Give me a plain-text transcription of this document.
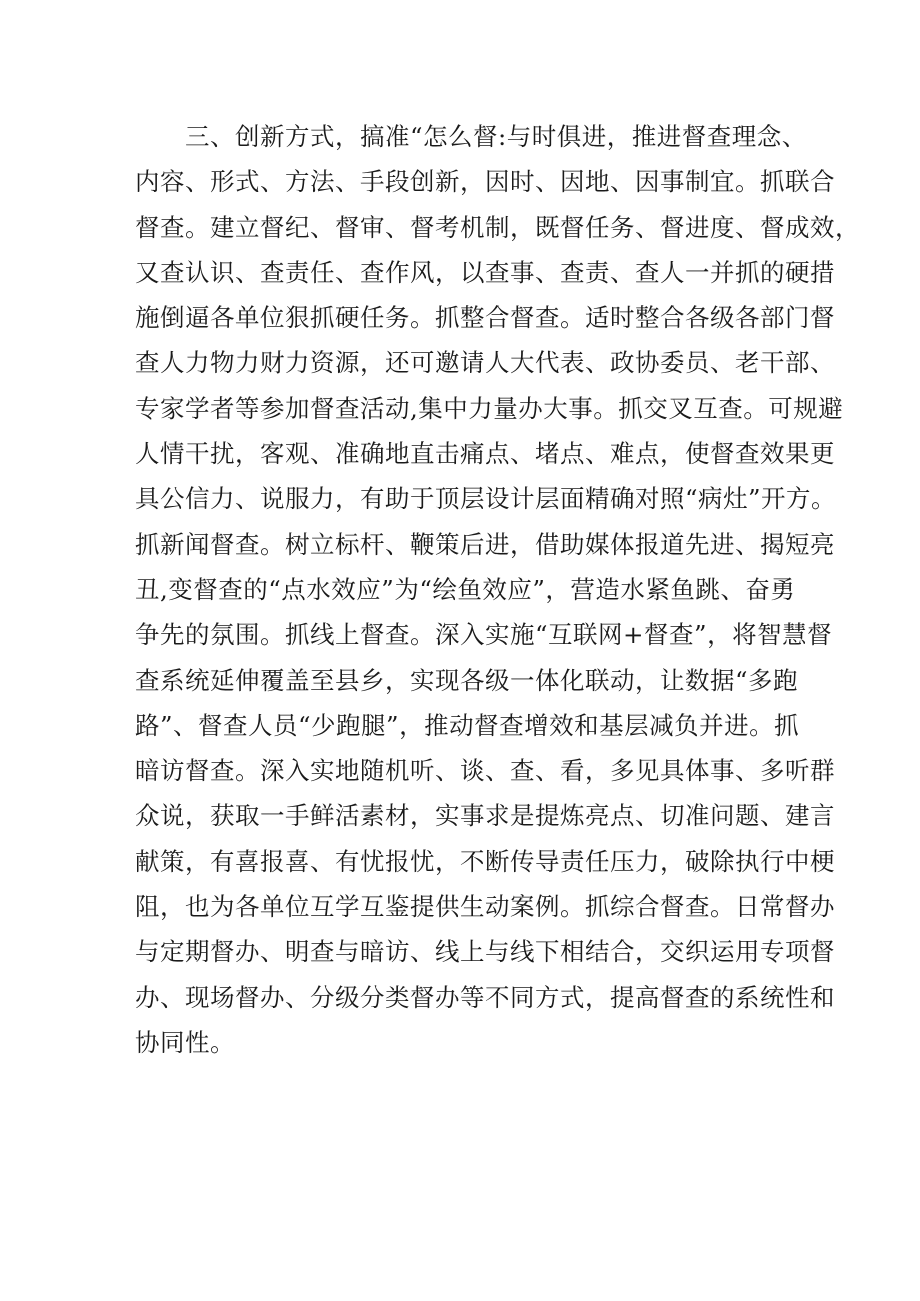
三、创新方式，搞准“怎么督:与时俱进，推进督查理念、
内容、形式、方法、手段创新，因时、因地、因事制宜。抓联合
督查。建立督纪、督审、督考机制，既督任务、督进度、督成效，
又查认识、查责任、查作风，以查事、查责、查人一并抓的硬措
施倒逼各单位狠抓硬任务。抓整合督查。适时整合各级各部门督
查人力物力财力资源，还可邀请人大代表、政协委员、老干部、
专家学者等参加督查活动,集中力量办大事。抓交叉互查。可规避
人情干扰，客观、准确地直击痛点、堵点、难点，使督查效果更
具公信力、说服力，有助于顶层设计层面精确对照“病灶”开方。
抓新闻督查。树立标杆、鞭策后进，借助媒体报道先进、揭短亮
丑,变督查的“点水效应”为“绘鱼效应”，营造水紧鱼跳、奋勇
争先的氛围。抓线上督查。深入实施“互联网+督查”，将智慧督
查系统延伸覆盖至县乡，实现各级一体化联动，让数据“多跑
路”、督查人员“少跑腿”，推动督查增效和基层减负并进。抓
暗访督查。深入实地随机听、谈、查、看，多见具体事、多听群
众说，获取一手鲜活素材，实事求是提炼亮点、切准问题、建言
献策，有喜报喜、有忧报忧，不断传导责任压力，破除执行中梗
阻，也为各单位互学互鉴提供生动案例。抓综合督查。日常督办
与定期督办、明查与暗访、线上与线下相结合，交织运用专项督
办、现场督办、分级分类督办等不同方式，提高督查的系统性和
协同性。
